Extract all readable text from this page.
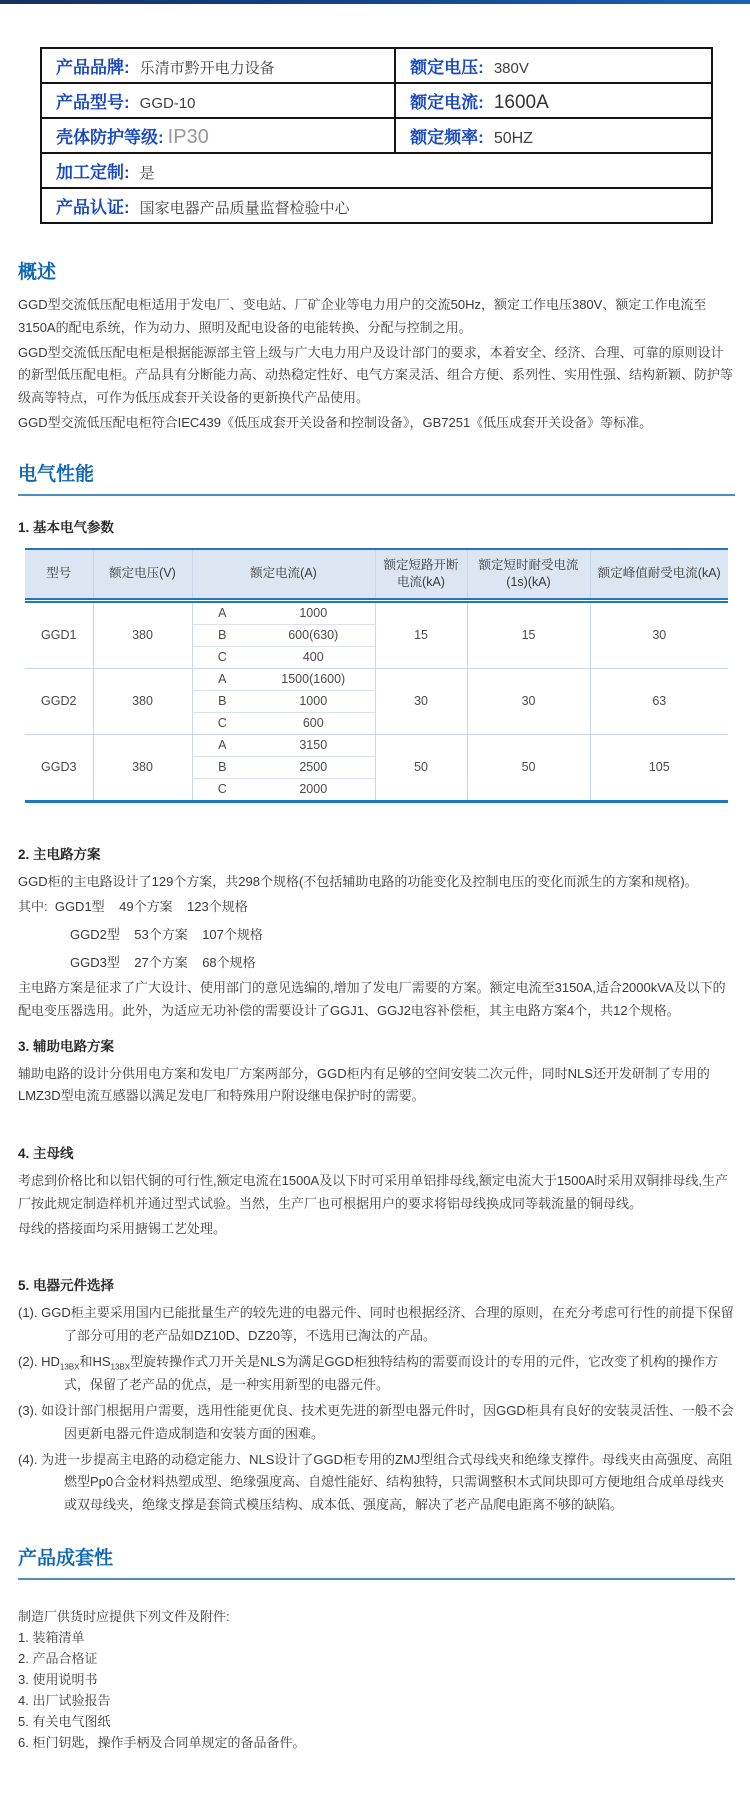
产品品牌: 乐清市黔开电力设备	额定电压: 380V
产品型号: GGD-10	额定电流: 1600A
壳体防护等级: IP30	额定频率: 50HZ
加工定制: 是	
产品认证: 国家电器产品质量监督检验中心	
概述

GGD型交流低压配电柜适用于发电厂、变电站、厂矿企业等电力用户的交流50Hz，额定工作电压380V、额定工作电流至3150A的配电系统，作为动力、照明及配电设备的电能转换、分配与控制之用。

GGD型交流低压配电柜是根据能源部主管上级与广大电力用户及设计部门的要求，本着安全、经济、合理、可靠的原则设计的新型低压配电柜。产品具有分断能力高、动热稳定性好、电气方案灵活、组合方便、系列性、实用性强、结构新颖、防护等级高等特点，可作为低压成套开关设备的更新换代产品使用。

GGD型交流低压配电柜符合IEC439《低压成套开关设备和控制设备》，GB7251《低压成套开关设备》等标准。

电气性能

1. 基本电气参数

型号	额定电压(V)	额定电流(A)		额定短路开断电流(kA)	额定短时耐受电流(1s)(kA)	额定峰值耐受电流(kA)
GGD1	380	A	1000	15	15	30
		B	600(630)			
		C	400			
GGD2	380	A	1500(1600)	30	30	63
		B	1000			
		C	600			
GGD3	380	A	3150	50	50	105
		B	2500			
		C	2000			

2. 主电路方案

GGD柜的主电路设计了129个方案，共298个规格(不包括辅助电路的功能变化及控制电压的变化而派生的方案和规格)。

其中:  GGD1型    49个方案    123个规格

GGD2型    53个方案    107个规格

GGD3型    27个方案    68个规格

主电路方案是征求了广大设计、使用部门的意见选编的,增加了发电厂需要的方案。额定电流至3150A,适合2000kVA及以下的配电变压器选用。此外，为适应无功补偿的需要设计了GGJ1、GGJ2电容补偿柜，其主电路方案4个，共12个规格。

3. 辅助电路方案

辅助电路的设计分供用电方案和发电厂方案两部分，GGD柜内有足够的空间安装二次元件，同时NLS还开发研制了专用的LMZ3D型电流互感器以满足发电厂和特殊用户附设继电保护时的需要。

4. 主母线

考虑到价格比和以铝代铜的可行性,额定电流在1500A及以下时可采用单铝排母线,额定电流大于1500A时采用双铜排母线,生产厂按此规定制造样机并通过型式试验。当然，生产厂也可根据用户的要求将铝母线换成同等载流量的铜母线。

母线的搭接面均采用搪锡工艺处理。

5. 电器元件选择

(1). GGD柜主要采用国内已能批量生产的较先进的电器元件、同时也根据经济、合理的原则，在充分考虑可行性的前提下保留了部分可用的老产品如DZ10D、DZ20等，不选用已淘汰的产品。

(2). $HD_{13BX}$和$HS_{13BX}$型旋转操作式刀开关是NLS为满足GGD柜独特结构的需要而设计的专用的元件，它改变了机构的操作方式，保留了老产品的优点，是一种实用新型的电器元件。

(3). 如设计部门根据用户需要，选用性能更优良、技术更先进的新型电器元件时，因GGD柜具有良好的安装灵活性、一般不会因更新电器元件造成制造和安装方面的困难。

(4). 为进一步提高主电路的动稳定能力、NLS设计了GGD柜专用的ZMJ型组合式母线夹和绝缘支撑件。母线夹由高强度、高阻燃型Pp0合金材料热塑成型、绝缘强度高、自熄性能好、结构独特，只需调整积木式间块即可方便地组合成单母线夹或双母线夹，绝缘支撑是套筒式模压结构、成本低、强度高，解决了老产品爬电距离不够的缺陷。

产品成套性

制造厂供货时应提供下列文件及附件:

1. 装箱清单

2. 产品合格证

3. 使用说明书

4. 出厂试验报告

5. 有关电气图纸

6. 柜门钥匙，操作手柄及合同单规定的备品备件。
